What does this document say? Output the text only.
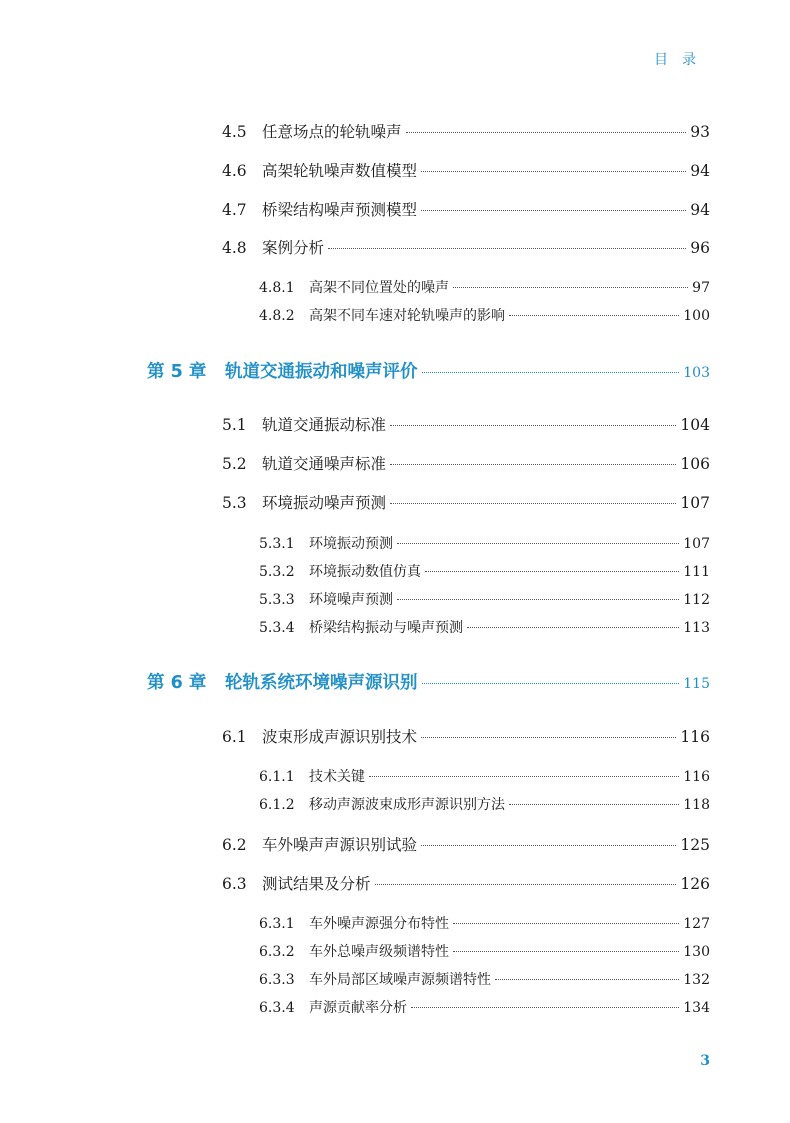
目录
4.5 任意场点的轮轨噪声	93
4.6 高架轮轨噪声数值模型	94
4.7 桥梁结构噪声预测模型	94
4.8 案例分析	96
4.8.1	高架不同位置处的噪声	97
4.8.2	高架不同车速对轮轨噪声的影响	100
第 5 章	轨道交通振动和噪声评价	103
5.1 轨道交通振动标准	104
5.2 轨道交通噪声标准	106
5.3 环境振动噪声预测	107
5.3.1	环境振动预测	107
5.3.2	环境振动数值仿真	111
5.3.3	环境噪声预测	112
5.3.4	桥梁结构振动与噪声预测	113
第 6 章	轮轨系统环境噪声源识别	115
6.1 波束形成声源识别技术	116
6.1.1	技术关键	116
6.1.2	移动声源波束成形声源识别方法	118
6.2 车外噪声声源识别试验	125
6.3 测试结果及分析	126
6.3.1	车外噪声源强分布特性	127
6.3.2	车外总噪声级频谱特性	130
6.3.3	车外局部区域噪声源频谱特性	132
6.3.4	声源贡献率分析	134
3
